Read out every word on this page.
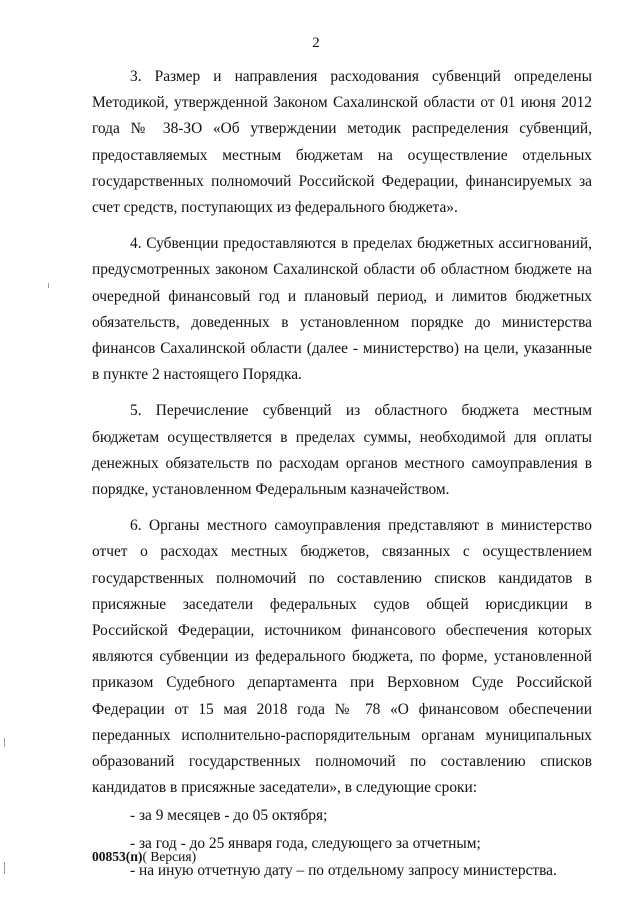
2

3. Размер и направления расходования субвенций определены Методикой, утвержденной Законом Сахалинской области от 01 июня 2012 года № 38-ЗО «Об утверждении методик распределения субвенций, предоставляемых местным бюджетам на осуществление отдельных государственных полномочий Российской Федерации, финансируемых за счет средств, поступающих из федерального бюджета».

4. Субвенции предоставляются в пределах бюджетных ассигнований, предусмотренных законом Сахалинской области об областном бюджете на очередной финансовый год и плановый период, и лимитов бюджетных обязательств, доведенных в установленном порядке до министерства финансов Сахалинской области (далее - министерство) на цели, указанные в пункте 2 настоящего Порядка.

5. Перечисление субвенций из областного бюджета местным бюджетам осуществляется в пределах суммы, необходимой для оплаты денежных обязательств по расходам органов местного самоуправления в порядке, установленном Федеральным казначейством.

6. Органы местного самоуправления представляют в министерство отчет о расходах местных бюджетов, связанных с осуществлением государственных полномочий по составлению списков кандидатов в присяжные заседатели федеральных судов общей юрисдикции в Российской Федерации, источником финансового обеспечения которых являются субвенции из федерального бюджета, по форме, установленной приказом Судебного департамента при Верховном Суде Российской Федерации от 15 мая 2018 года № 78 «О финансовом обеспечении переданных исполнительно-распорядительным органам муниципальных образований государственных полномочий по составлению списков кандидатов в присяжные заседатели», в следующие сроки:

- за 9 месяцев - до 05 октября;
- за год - до 25 января года, следующего за отчетным;
- на иную отчетную дату – по отдельному запросу министерства.
00853(п)( Версия)
